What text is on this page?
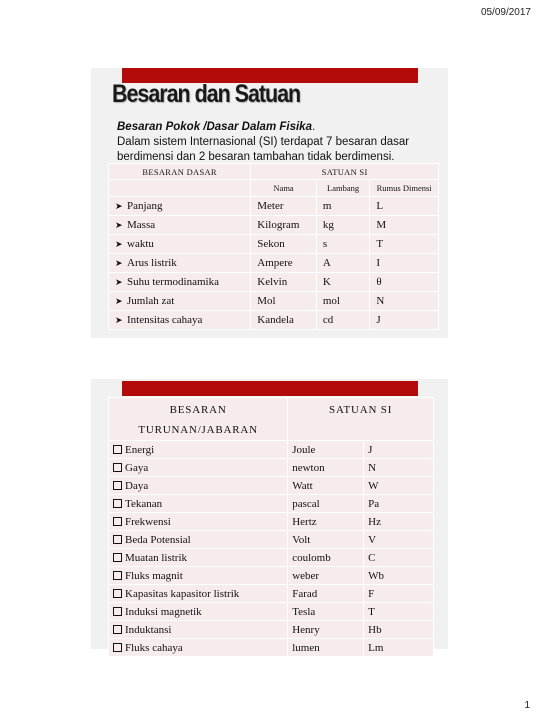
05/09/2017
Besaran dan Satuan
Besaran Pokok /Dasar Dalam Fisika.
Dalam sistem Internasional (SI) terdapat 7 besaran dasar berdimensi dan 2 besaran tambahan tidak berdimensi.
BESARAN DASAR	SATUAN SI		
	Nama	Lambang	Rumus Dimensi
➤ Panjang	Meter	m	L
➤ Massa	Kilogram	kg	M
➤ waktu	Sekon	s	T
➤ Arus listrik	Ampere	A	I
➤ Suhu termodinamika	Kelvin	K	θ
➤ Jumlah zat	Mol	mol	N
➤ Intensitas cahaya	Kandela	cd	J
BESARAN TURUNAN/JABARAN	SATUAN SI	
Energi	Joule	J
Gaya	newton	N
Daya	Watt	W
Tekanan	pascal	Pa
Frekwensi	Hertz	Hz
Beda Potensial	Volt	V
Muatan listrik	coulomb	C
Fluks magnit	weber	Wb
Kapasitas kapasitor listrik	Farad	F
Induksi magnetik	Tesla	T
Induktansi	Henry	Hb
Fluks cahaya	lumen	Lm
1
